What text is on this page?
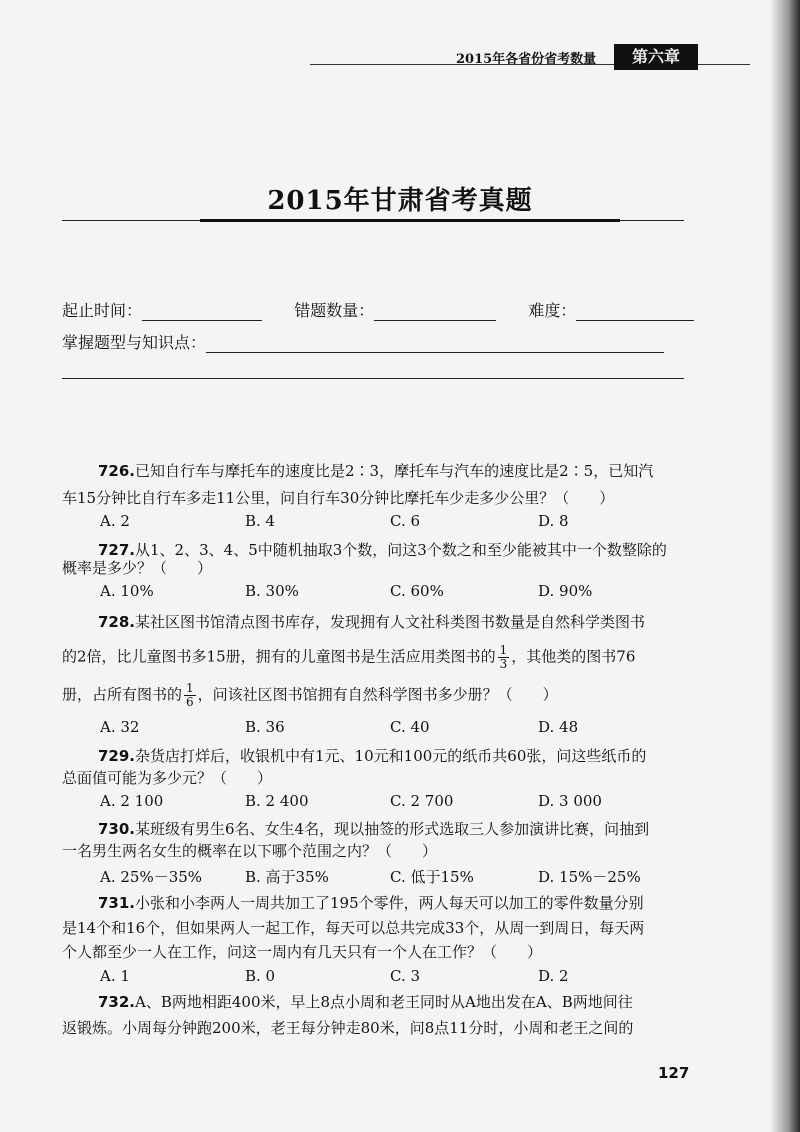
2015年各省份省考数量	第六章
2015年甘肃省考真题
起止时间：	错题数量：	难度：
掌握题型与知识点：
726.已知自行车与摩托车的速度比是2∶3，摩托车与汽车的速度比是2∶5，已知汽
车15分钟比自行车多走11公里，问自行车30分钟比摩托车少走多少公里？（　　）
A. 2	B. 4	C. 6	D. 8
727.从1、2、3、4、5中随机抽取3个数，问这3个数之和至少能被其中一个数整除的
概率是多少？（　　）
A. 10%	B. 30%	C. 60%	D. 90%
728.某社区图书馆清点图书库存，发现拥有人文社科类图书数量是自然科学类图书
的2倍，比儿童图书多15册，拥有的儿童图书是生活应用类图书的 $\frac{1}{3}$ ，其他类的图书76
册，占所有图书的 $\frac{1}{6}$ ，问该社区图书馆拥有自然科学图书多少册？（　　）
A. 32	B. 36	C. 40	D. 48
729.杂货店打烊后，收银机中有1元、10元和100元的纸币共60张，问这些纸币的
总面值可能为多少元？（　　）
A. 2 100	B. 2 400	C. 2 700	D. 3 000
730.某班级有男生6名、女生4名，现以抽签的形式选取三人参加演讲比赛，问抽到
一名男生两名女生的概率在以下哪个范围之内？（　　）
A. 25%－35%	B. 高于35%	C. 低于15%	D. 15%－25%
731.小张和小李两人一周共加工了195个零件，两人每天可以加工的零件数量分别
是14个和16个，但如果两人一起工作，每天可以总共完成33个，从周一到周日，每天两
个人都至少一人在工作，问这一周内有几天只有一个人在工作？（　　）
A. 1	B. 0	C. 3	D. 2
732.A、B两地相距400米，早上8点小周和老王同时从A地出发在A、B两地间往
返锻炼。小周每分钟跑200米，老王每分钟走80米，问8点11分时，小周和老王之间的
127
